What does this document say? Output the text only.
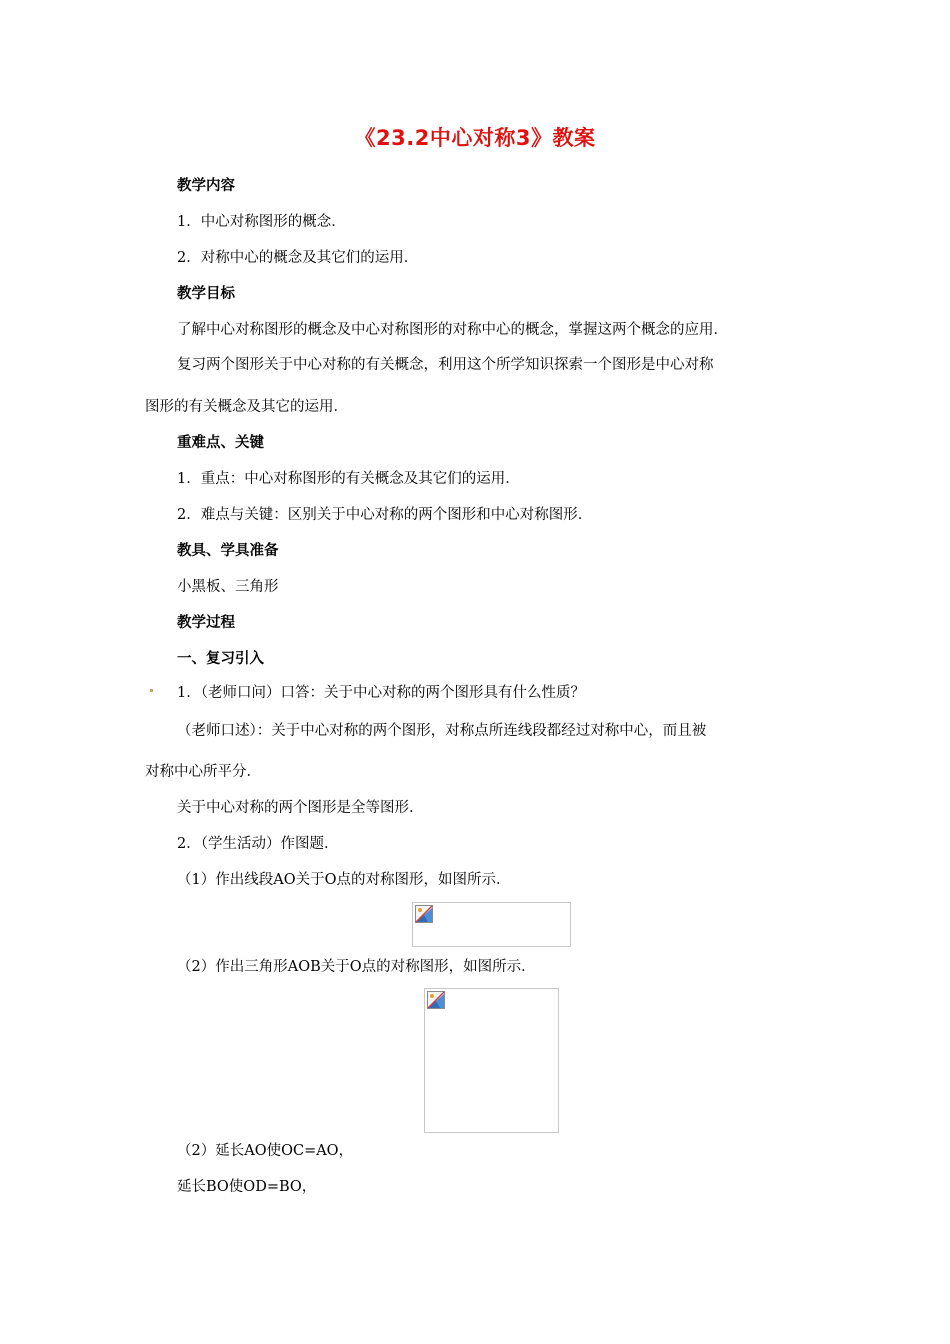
《23.2中心对称3》教案
教学内容
1．中心对称图形的概念．
2．对称中心的概念及其它们的运用．
教学目标
了解中心对称图形的概念及中心对称图形的对称中心的概念，掌握这两个概念的应用．
复习两个图形关于中心对称的有关概念，利用这个所学知识探索一个图形是中心对称
图形的有关概念及其它的运用．
重难点、关键
1．重点：中心对称图形的有关概念及其它们的运用．
2．难点与关键：区别关于中心对称的两个图形和中心对称图形．
教具、学具准备
小黑板、三角形
教学过程
一、复习引入
1．（老师口问）口答：关于中心对称的两个图形具有什么性质？
（老师口述）：关于中心对称的两个图形，对称点所连线段都经过对称中心，而且被
对称中心所平分．
关于中心对称的两个图形是全等图形．
2．（学生活动）作图题．
（1）作出线段AO关于O点的对称图形，如图所示．
（2）作出三角形AOB关于O点的对称图形，如图所示．
（2）延长AO使OC=AO，
延长BO使OD=BO，
